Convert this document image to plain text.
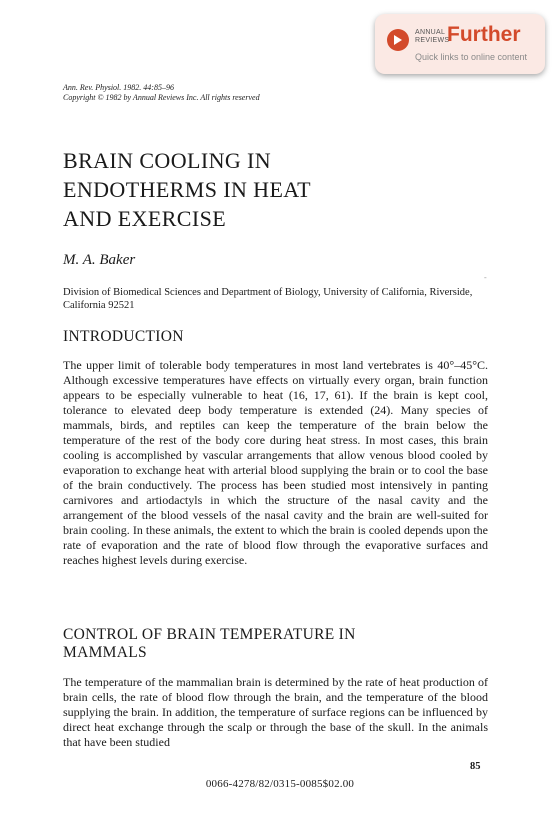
ANNUAL
REVIEWS
Further
Quick links to online content
Ann. Rev. Physiol. 1982. 44:85–96
Copyright © 1982 by Annual Reviews Inc. All rights reserved
BRAIN COOLING IN
ENDOTHERMS IN HEAT
AND EXERCISE
M. A. Baker
-
Division of Biomedical Sciences and Department of Biology, University of California, Riverside, California 92521
INTRODUCTION

The upper limit of tolerable body temperatures in most land vertebrates is 40°–45°C. Although excessive temperatures have effects on virtually every organ, brain function appears to be especially vulnerable to heat (16, 17, 61). If the brain is kept cool, tolerance to elevated deep body temperature is extended (24). Many species of mammals, birds, and reptiles can keep the temperature of the brain below the temperature of the rest of the body core during heat stress. In most cases, this brain cooling is accomplished by vascular arrangements that allow venous blood cooled by evaporation to exchange heat with arterial blood supplying the brain or to cool the base of the brain conductively. The process has been studied most intensively in panting carnivores and artiodactyls in which the structure of the nasal cavity and the arrangement of the blood vessels of the nasal cavity and the brain are well-suited for brain cooling. In these animals, the extent to which the brain is cooled depends upon the rate of evaporation and the rate of blood flow through the evaporative surfaces and reaches highest levels during exercise.

CONTROL OF BRAIN TEMPERATURE IN MAMMALS

The temperature of the mammalian brain is determined by the rate of heat production of brain cells, the rate of blood flow through the brain, and the temperature of the blood supplying the brain. In addition, the temperature of surface regions can be influenced by direct heat exchange through the scalp or through the base of the skull. In the animals that have been studied

85
0066-4278/82/0315-0085$02.00
